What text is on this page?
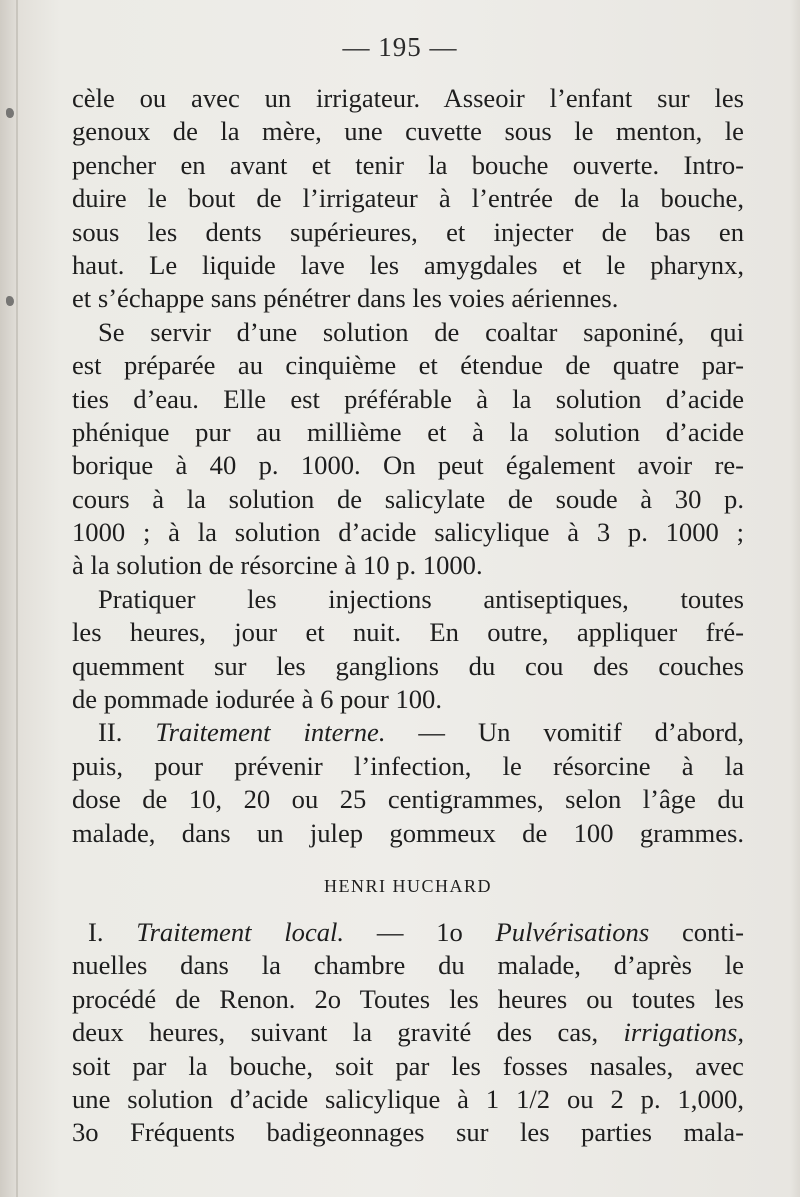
— 195 —
cèle ou avec un irrigateur. Asseoir l’enfant sur les
genoux de la mère, une cuvette sous le menton, le
pencher en avant et tenir la bouche ouverte. Intro-
duire le bout de l’irrigateur à l’entrée de la bouche,
sous les dents supérieures, et injecter de bas en
haut. Le liquide lave les amygdales et le pharynx,
et s’échappe sans pénétrer dans les voies aériennes.
Se servir d’une solution de coaltar saponiné, qui
est préparée au cinquième et étendue de quatre par-
ties d’eau. Elle est préférable à la solution d’acide
phénique pur au millième et à la solution d’acide
borique à 40 p. 1000. On peut également avoir re-
cours à la solution de salicylate de soude à 30 p.
1000 ; à la solution d’acide salicylique à 3 p. 1000 ;
à la solution de résorcine à 10 p. 1000.
Pratiquer les injections antiseptiques, toutes
les heures, jour et nuit. En outre, appliquer fré-
quemment sur les ganglions du cou des couches
de pommade iodurée à 6 pour 100.
II. Traitement interne. — Un vomitif d’abord,
puis, pour prévenir l’infection, le résorcine à la
dose de 10, 20 ou 25 centigrammes, selon l’âge du
malade, dans un julep gommeux de 100 grammes.
HENRI HUCHARD
I. Traitement local. — 1o Pulvérisations conti-
nuelles dans la chambre du malade, d’après le
procédé de Renon. 2o Toutes les heures ou toutes les
deux heures, suivant la gravité des cas, irrigations,
soit par la bouche, soit par les fosses nasales, avec
une solution d’acide salicylique à 1 1/2 ou 2 p. 1,000,
3o Fréquents badigeonnages sur les parties mala-
